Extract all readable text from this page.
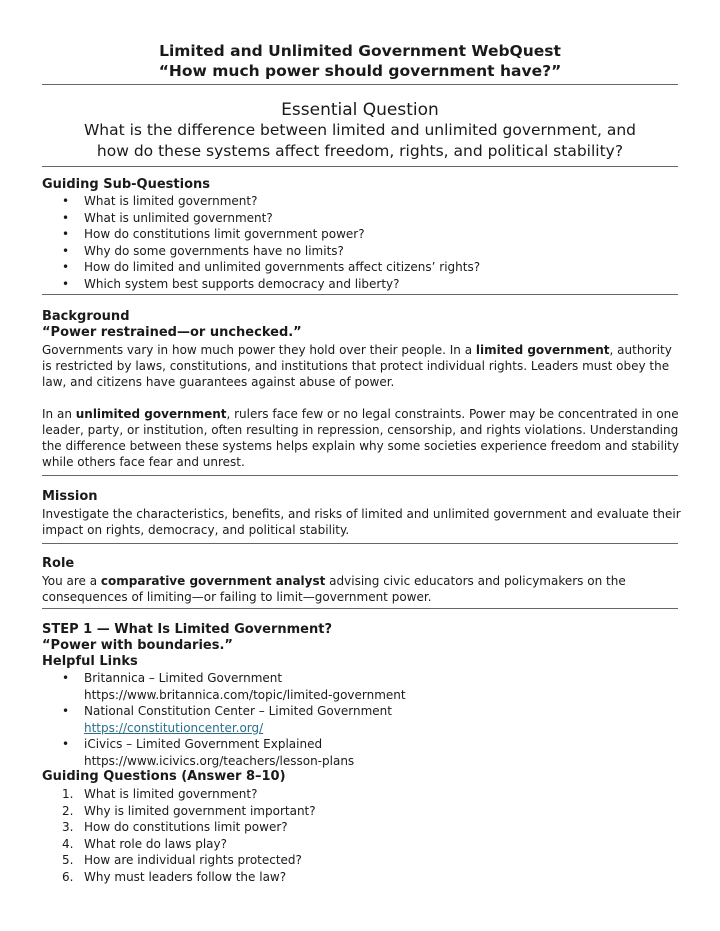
Limited and Unlimited Government WebQuest
“How much power should government have?”
Essential Question
What is the difference between limited and unlimited government, and
how do these systems affect freedom, rights, and political stability?
Guiding Sub-Questions
• What is limited government?
• What is unlimited government?
• How do constitutions limit government power?
• Why do some governments have no limits?
• How do limited and unlimited governments affect citizens’ rights?
• Which system best supports democracy and liberty?
Background
“Power restrained—or unchecked.”
Governments vary in how much power they hold over their people. In a limited government, authority is restricted by laws, constitutions, and institutions that protect individual rights. Leaders must obey the law, and citizens have guarantees against abuse of power.
In an unlimited government, rulers face few or no legal constraints. Power may be concentrated in one leader, party, or institution, often resulting in repression, censorship, and rights violations. Understanding the difference between these systems helps explain why some societies experience freedom and stability while others face fear and unrest.
Mission
Investigate the characteristics, benefits, and risks of limited and unlimited government and evaluate their impact on rights, democracy, and political stability.
Role
You are a comparative government analyst advising civic educators and policymakers on the consequences of limiting—or failing to limit—government power.
STEP 1 — What Is Limited Government?
“Power with boundaries.”
Helpful Links
• Britannica – Limited Government
https://www.britannica.com/topic/limited-government
• National Constitution Center – Limited Government
https://constitutioncenter.org/
• iCivics – Limited Government Explained
https://www.icivics.org/teachers/lesson-plans
Guiding Questions (Answer 8–10)
1. What is limited government?
2. Why is limited government important?
3. How do constitutions limit power?
4. What role do laws play?
5. How are individual rights protected?
6. Why must leaders follow the law?
